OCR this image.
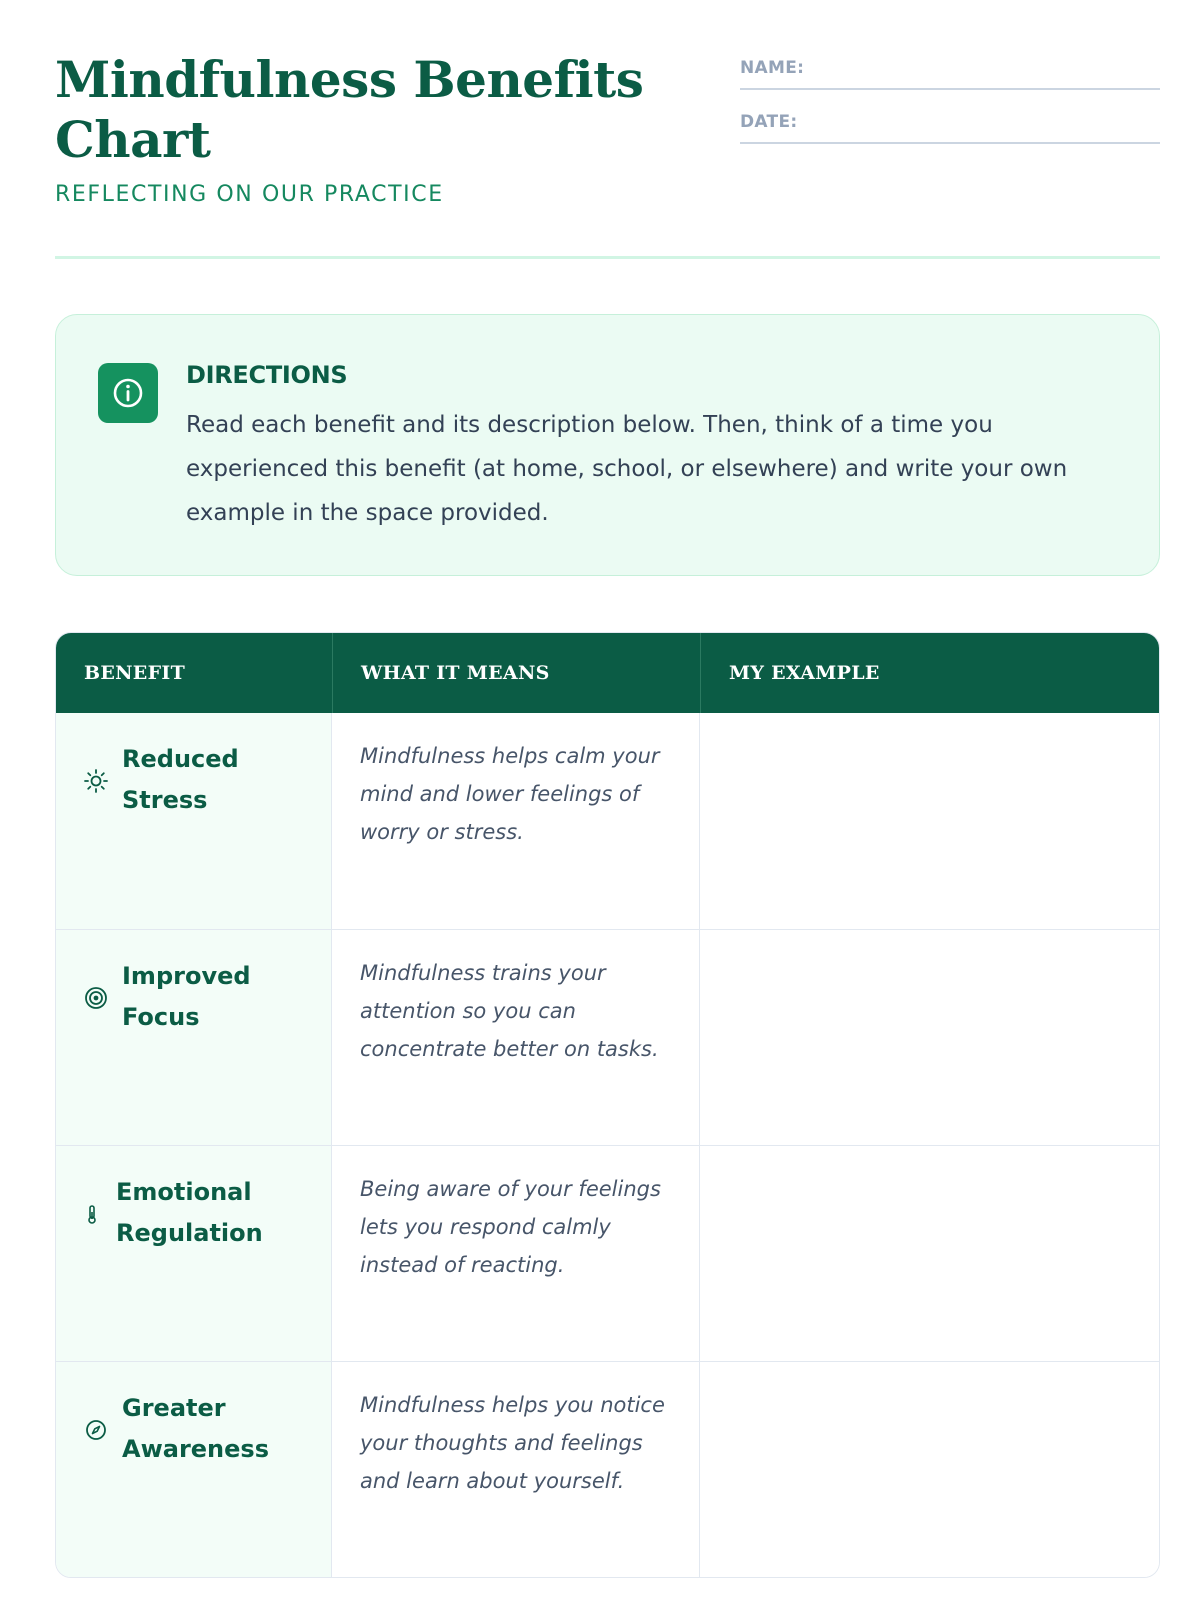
Mindfulness Benefits Chart
REFLECTING ON OUR PRACTICE
NAME:
DATE:
DIRECTIONS
Read each benefit and its description below. Then, think of a time you experienced this benefit (at home, school, or elsewhere) and write your own example in the space provided.
BENEFIT	WHAT IT MEANS	MY EXAMPLE
Reduced Stress
Mindfulness helps calm your mind and lower feelings of worry or stress.
Improved Focus
Mindfulness trains your attention so you can concentrate better on tasks.
Emotional Regulation
Being aware of your feelings lets you respond calmly instead of reacting.
Greater Awareness
Mindfulness helps you notice your thoughts and feelings and learn about yourself.
